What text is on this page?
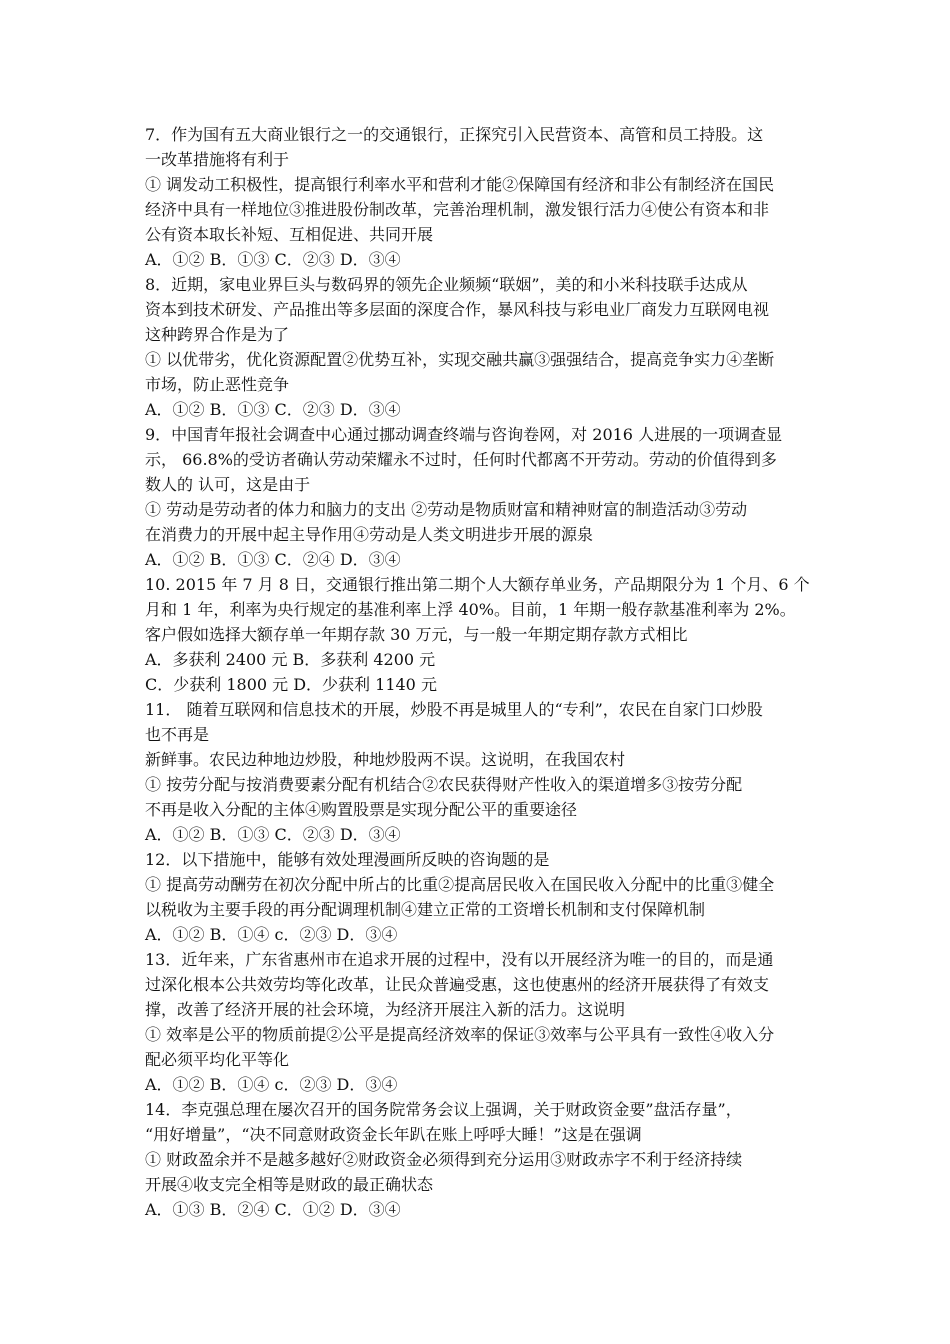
7．作为国有五大商业银行之一的交通银行，正探究引入民营资本、高管和员工持股。这
一改革措施将有利于
① 调发动工积极性，提高银行利率水平和营利才能②保障国有经济和非公有制经济在国民
经济中具有一样地位③推进股份制改革，完善治理机制，激发银行活力④使公有资本和非
公有资本取长补短、互相促进、共同开展
A．①② B．①③ C．②③ D．③④
8．近期，家电业界巨头与数码界的领先企业频频“联姻”，美的和小米科技联手达成从
资本到技术研发、产品推出等多层面的深度合作，暴风科技与彩电业厂商发力互联网电视
这种跨界合作是为了
① 以优带劣，优化资源配置②优势互补，实现交融共赢③强强结合，提高竞争实力④垄断
市场，防止恶性竞争
A．①② B．①③ C．②③ D．③④
9．中国青年报社会调查中心通过挪动调查终端与咨询卷网，对 2016 人进展的一项调查显
示， 66.8%的受访者确认劳动荣耀永不过时，任何时代都离不开劳动。劳动的价值得到多
数人的 认可，这是由于
① 劳动是劳动者的体力和脑力的支出 ②劳动是物质财富和精神财富的制造活动③劳动
在消费力的开展中起主导作用④劳动是人类文明进步开展的源泉
A．①② B．①③ C．②④ D．③④
10. 2015 年 7 月 8 日，交通银行推出第二期个人大额存单业务，产品期限分为 1 个月、6 个
月和 1 年，利率为央行规定的基准利率上浮 40%。目前，1 年期一般存款基准利率为 2%。
客户假如选择大额存单一年期存款 30 万元，与一般一年期定期存款方式相比
A．多获利 2400 元 B．多获利 4200 元
C．少获利 1800 元 D．少获利 1140 元
11． 随着互联网和信息技术的开展，炒股不再是城里人的“专利”，农民在自家门口炒股
也不再是
新鲜事。农民边种地边炒股，种地炒股两不误。这说明，在我国农村
① 按劳分配与按消费要素分配有机结合②农民获得财产性收入的渠道增多③按劳分配
不再是收入分配的主体④购置股票是实现分配公平的重要途径
A．①② B．①③ C．②③ D．③④
12．以下措施中，能够有效处理漫画所反映的咨询题的是
① 提高劳动酬劳在初次分配中所占的比重②提高居民收入在国民收入分配中的比重③健全
以税收为主要手段的再分配调理机制④建立正常的工资增长机制和支付保障机制
A．①② B．①④ c．②③ D．③④
13．近年来，广东省惠州市在追求开展的过程中，没有以开展经济为唯一的目的，而是通
过深化根本公共效劳均等化改革，让民众普遍受惠，这也使惠州的经济开展获得了有效支
撑，改善了经济开展的社会环境，为经济开展注入新的活力。这说明
① 效率是公平的物质前提②公平是提高经济效率的保证③效率与公平具有一致性④收入分
配必须平均化平等化
A．①② B．①④ c．②③ D．③④
14．李克强总理在屡次召开的国务院常务会议上强调，关于财政资金要”盘活存量”，
“用好增量”，“决不同意财政资金长年趴在账上呼呼大睡！”这是在强调
① 财政盈余并不是越多越好②财政资金必须得到充分运用③财政赤字不利于经济持续
开展④收支完全相等是财政的最正确状态
A．①③ B．②④ C．①② D．③④
